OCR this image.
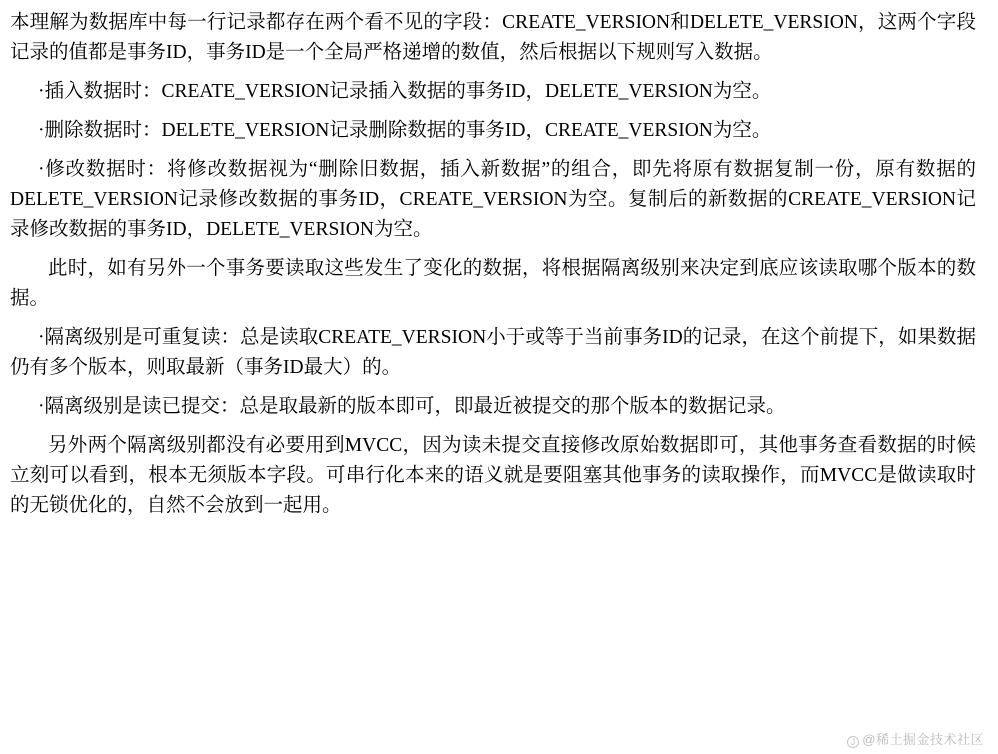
本理解为数据库中每一行记录都存在两个看不见的字段：CREATE_VERSION和DELETE_VERSION，这两个字段记录的值都是事务ID，事务ID是一个全局严格递增的数值，然后根据以下规则写入数据。

·插入数据时：CREATE_VERSION记录插入数据的事务ID，DELETE_VERSION为空。

·删除数据时：DELETE_VERSION记录删除数据的事务ID，CREATE_VERSION为空。

·修改数据时：将修改数据视为“删除旧数据，插入新数据”的组合，即先将原有数据复制一份，原有数据的DELETE_VERSION记录修改数据的事务ID，CREATE_VERSION为空。复制后的新数据的CREATE_VERSION记录修改数据的事务ID，DELETE_VERSION为空。

此时，如有另外一个事务要读取这些发生了变化的数据，将根据隔离级别来决定到底应该读取哪个版本的数据。

·隔离级别是可重复读：总是读取CREATE_VERSION小于或等于当前事务ID的记录，在这个前提下，如果数据仍有多个版本，则取最新（事务ID最大）的。

·隔离级别是读已提交：总是取最新的版本即可，即最近被提交的那个版本的数据记录。

另外两个隔离级别都没有必要用到MVCC，因为读未提交直接修改原始数据即可，其他事务查看数据的时候立刻可以看到，根本无须版本字段。可串行化本来的语义就是要阻塞其他事务的读取操作，而MVCC是做读取时的无锁优化的，自然不会放到一起用。

J @稀土掘金技术社区
